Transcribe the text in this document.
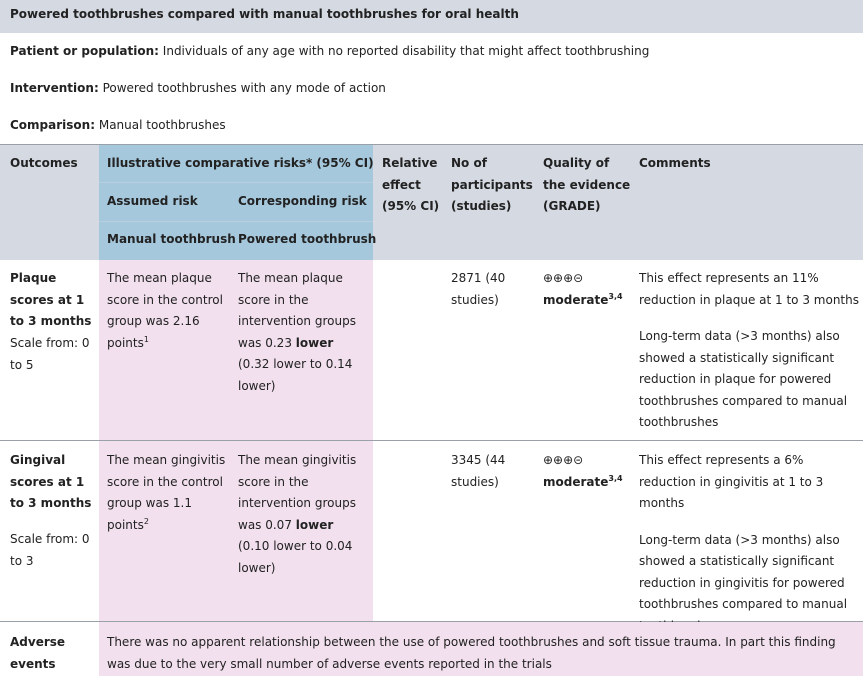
Powered toothbrushes compared with manual toothbrushes for oral health
Patient or population: Individuals of any age with no reported disability that might affect toothbrushing
Intervention: Powered toothbrushes with any mode of action
Comparison: Manual toothbrushes
Outcomes Illustrative comparative risks* (95% CI)
Assumed risk	Corresponding risk
Manual toothbrush Powered toothbrush
Relative effect (95% CI)
No of participants (studies)
Quality of the evidence (GRADE)
Comments
Plaque scores at 1 to 3 months
Scale from: 0 to 5
The mean plaque score in the control group was 2.16 points$^1$
The mean plaque score in the intervention groups was 0.23 lower (0.32 lower to 0.14 lower)
2871 (40 studies)
⊕⊕⊕⊝
moderate$^{3,4}$
This effect represents an 11% reduction in plaque at 1 to 3 months
Long-term data (>3 months) also showed a statistically significant reduction in plaque for powered toothbrushes compared to manual toothbrushes
Gingival scores at 1 to 3 months
Scale from: 0 to 3
The mean gingivitis score in the control group was 1.1 points$^2$
The mean gingivitis score in the intervention groups was 0.07 lower (0.10 lower to 0.04 lower)
3345 (44 studies)
⊕⊕⊕⊝
moderate$^{3,4}$
This effect represents a 6% reduction in gingivitis at 1 to 3 months
Long-term data (>3 months) also showed a statistically significant reduction in gingivitis for powered toothbrushes compared to manual
Adverse events
There was no apparent relationship between the use of powered toothbrushes and soft tissue trauma. In part this finding was due to the very small number of adverse events reported in the trials
